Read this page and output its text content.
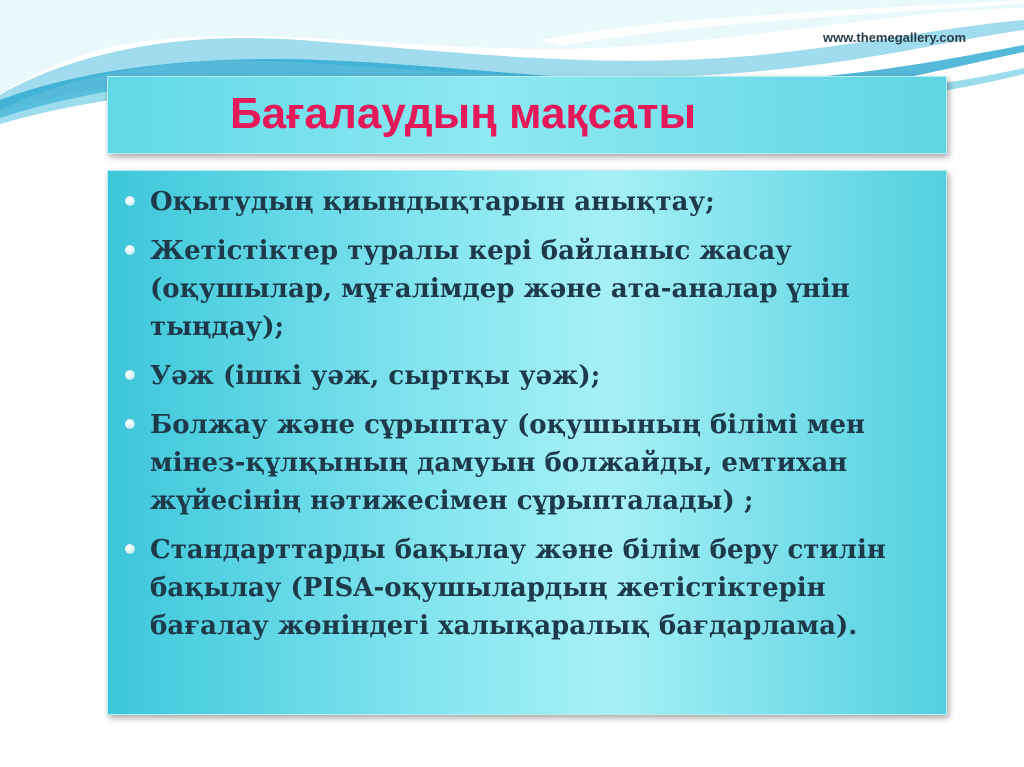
www.themegallery.com
Бағалаудың мақсаты
Оқытудың қиындықтарын анықтау;
Жетістіктер туралы кері байланыс жасау (оқушылар, мұғалімдер және ата-аналар үнін тыңдау);
Уәж (ішкі уәж, сыртқы уәж);
Болжау және сұрыптау (оқушының білімі мен мінез-құлқының дамуын болжайды, емтихан жүйесінің нәтижесімен сұрыпталады) ;
Стандарттарды бақылау және білім беру стилін бақылау (PISA-оқушылардың жетістіктерін бағалау жөніндегі халықаралық бағдарлама).
